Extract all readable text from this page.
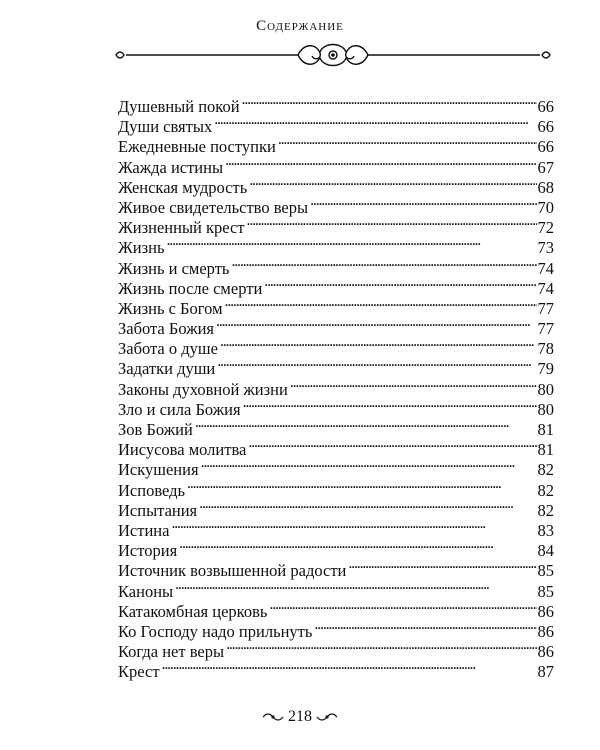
Содержание
Душевный покой . . .	66
Души святых . . .	66
Ежедневные поступки . . .	66
Жажда истины . . .	67
Женская мудрость . . .	68
Живое свидетельство веры . . .	70
Жизненный крест . . .	72
Жизнь . . .	73
Жизнь и смерть . . .	74
Жизнь после смерти . . .	74
Жизнь с Богом . . .	77
Забота Божия . . .	77
Забота о душе . . .	78
Задатки души . . .	79
Законы духовной жизни . . .	80
Зло и сила Божия . . .	80
Зов Божий . . .	81
Иисусова молитва . . .	81
Искушения . . .	82
Исповедь . . .	82
Испытания . . .	82
Истина . . .	83
История . . .	84
Источник возвышенной радости . . .	85
Каноны . . .	85
Катакомбная церковь . . .	86
Ко Господу надо прильнуть . . .	86
Когда нет веры . . .	86
Крест . . .	87
218
